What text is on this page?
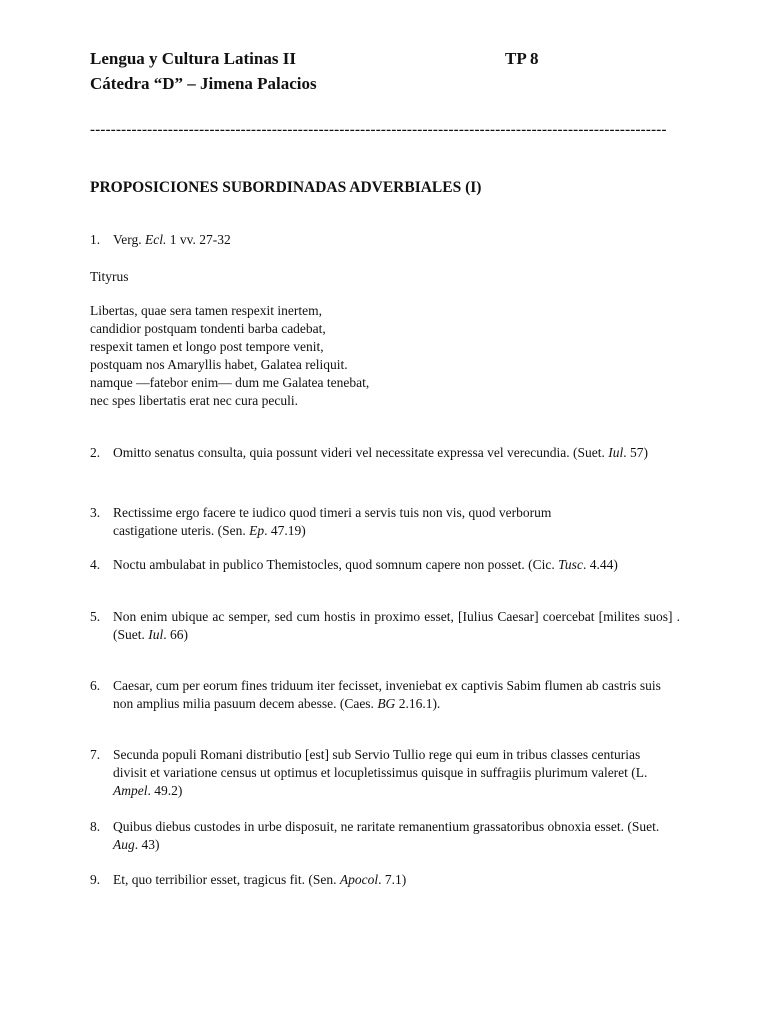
Lengua y Cultura Latinas II	TP 8
Cátedra “D” – Jimena Palacios
---------------------------------------------------------------------------------------------------------------
PROPOSICIONES SUBORDINADAS ADVERBIALES (I)
1. Verg. Ecl. 1 vv. 27-32
Tityrus
Libertas, quae sera tamen respexit inertem,
candidior postquam tondenti barba cadebat,
respexit tamen et longo post tempore venit,
postquam nos Amaryllis habet, Galatea reliquit.
namque —fatebor enim— dum me Galatea tenebat,
nec spes libertatis erat nec cura peculi.
2. Omitto senatus consulta, quia possunt videri vel necessitate expressa vel verecundia. (Suet. Iul. 57)
3. Rectissime ergo facere te iudico quod timeri a servis tuis non vis, quod verborum castigatione uteris. (Sen. Ep. 47.19)
4. Noctu ambulabat in publico Themistocles, quod somnum capere non posset. (Cic. Tusc. 4.44)
5. Non enim ubique ac semper, sed cum hostis in proximo esset, [Iulius Caesar] coercebat [milites suos] . (Suet. Iul. 66)
6. Caesar, cum per eorum fines triduum iter fecisset, inveniebat ex captivis Sabim flumen ab castris suis non amplius milia pasuum decem abesse. (Caes. BG 2.16.1).
7. Secunda populi Romani distributio [est] sub Servio Tullio rege qui eum in tribus classes centurias divisit et variatione census ut optimus et locupletissimus quisque in suffragiis plurimum valeret (L. Ampel. 49.2)
8. Quibus diebus custodes in urbe disposuit, ne raritate remanentium grassatoribus obnoxia esset. (Suet. Aug. 43)
9. Et, quo terribilior esset, tragicus fit. (Sen. Apocol. 7.1)
